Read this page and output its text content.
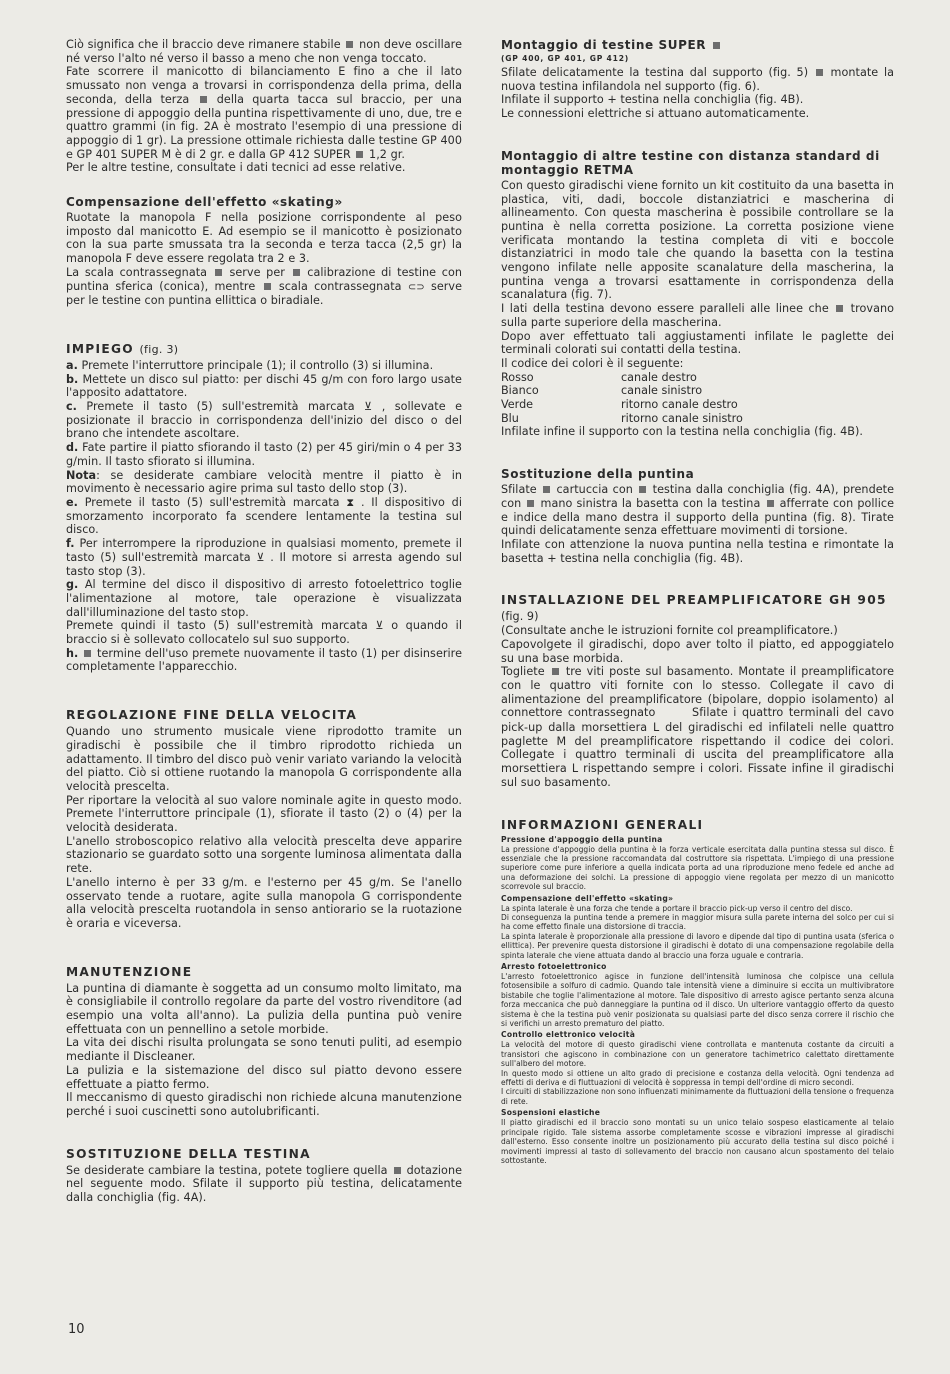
Ciò significa che il braccio deve rimanere stabile non deve oscillare né verso l'alto né verso il basso a meno che non venga toccato.

Fate scorrere il manicotto di bilanciamento E fino a che il lato smussato non venga a trovarsi in corrispondenza della prima, della seconda, della terza della quarta tacca sul braccio, per una pressione di appoggio della puntina rispettivamente di uno, due, tre e quattro grammi (in fig. 2A è mostrato l'esempio di una pressione di appoggio di 1 gr). La pressione ottimale richiesta dalle testine GP 400 e GP 401 SUPER M è di 2 gr. e dalla GP 412 SUPER 1,2 gr.

Per le altre testine, consultate i dati tecnici ad esse relative.

Compensazione dell'effetto «skating»

Ruotate la manopola F nella posizione corrispondente al peso imposto dal manicotto E. Ad esempio se il manicotto è posizionato con la sua parte smussata tra la seconda e terza tacca (2,5 gr) la manopola F deve essere regolata tra 2 e 3.

La scala contrassegnata serve per calibrazione di testine con puntina sferica (conica), mentre scala contrassegnata ⊂⊃ serve per le testine con puntina ellittica o biradiale.

IMPIEGO (fig. 3)

a. Premete l'interruttore principale (1); il controllo (3) si illumina.

b. Mettete un disco sul piatto: per dischi 45 g/m con foro largo usate l'apposito adattatore.

c. Premete il tasto (5) sull'estremità marcata ⊻ , sollevate e posizionate il braccio in corrispondenza dell'inizio del disco o del brano che intendete ascoltare.

d. Fate partire il piatto sfiorando il tasto (2) per 45 giri/min o 4 per 33 g/min. Il tasto sfiorato si illumina.

Nota: se desiderate cambiare velocità mentre il piatto è in movimento è necessario agire prima sul tasto dello stop (3).

e. Premete il tasto (5) sull'estremità marcata ⧗ . Il dispositivo di smorzamento incorporato fa scendere lentamente la testina sul disco.

f. Per interrompere la riproduzione in qualsiasi momento, premete il tasto (5) sull'estremità marcata ⊻ . Il motore si arresta agendo sul tasto stop (3).

g. Al termine del disco il dispositivo di arresto fotoelettrico toglie l'alimentazione al motore, tale operazione è visualizzata dall'illuminazione del tasto stop.

Premete quindi il tasto (5) sull'estremità marcata ⊻ o quando il braccio si è sollevato collocatelo sul suo supporto.

h. termine dell'uso premete nuovamente il tasto (1) per disinserire completamente l'apparecchio.

REGOLAZIONE FINE DELLA VELOCITA

Quando uno strumento musicale viene riprodotto tramite un giradischi è possibile che il timbro riprodotto richieda un adattamento. Il timbro del disco può venir variato variando la velocità del piatto. Ciò si ottiene ruotando la manopola G corrispondente alla velocità prescelta.

Per riportare la velocità al suo valore nominale agite in questo modo. Premete l'interruttore principale (1), sfiorate il tasto (2) o (4) per la velocità desiderata.

L'anello stroboscopico relativo alla velocità prescelta deve apparire stazionario se guardato sotto una sorgente luminosa alimentata dalla rete.

L'anello interno è per 33 g/m. e l'esterno per 45 g/m. Se l'anello osservato tende a ruotare, agite sulla manopola G corrispondente alla velocità prescelta ruotandola in senso antiorario se la ruotazione è oraria e viceversa.

MANUTENZIONE

La puntina di diamante è soggetta ad un consumo molto limitato, ma è consigliabile il controllo regolare da parte del vostro rivenditore (ad esempio una volta all'anno). La pulizia della puntina può venire effettuata con un pennellino a setole morbide.

La vita dei dischi risulta prolungata se sono tenuti puliti, ad esempio mediante il Discleaner.

La pulizia e la sistemazione del disco sul piatto devono essere effettuate a piatto fermo.

Il meccanismo di questo giradischi non richiede alcuna manutenzione perché i suoi cuscinetti sono autolubrificanti.

SOSTITUZIONE DELLA TESTINA

Se desiderate cambiare la testina, potete togliere quella dotazione nel seguente modo. Sfilate il supporto più testina, delicatamente dalla conchiglia (fig. 4A).

Montaggio di testine SUPER
(GP 400, GP 401, GP 412)

Sfilate delicatamente la testina dal supporto (fig. 5) montate la nuova testina infilandola nel supporto (fig. 6).

Infilate il supporto + testina nella conchiglia (fig. 4B).

Le connessioni elettriche si attuano automaticamente.

Montaggio di altre testine con distanza standard di montaggio RETMA

Con questo giradischi viene fornito un kit costituito da una basetta in plastica, viti, dadi, boccole distanziatrici e mascherina di allineamento. Con questa mascherina è possibile controllare se la puntina è nella corretta posizione. La corretta posizione viene verificata montando la testina completa di viti e boccole distanziatrici in modo tale che quando la basetta con la testina vengono infilate nelle apposite scanalature della mascherina, la puntina venga a trovarsi esattamente in corrispondenza della scanalatura (fig. 7).

I lati della testina devono essere paralleli alle linee che trovano sulla parte superiore della mascherina.

Dopo aver effettuato tali aggiustamenti infilate le paglette dei terminali colorati sui contatti della testina.

Il codice dei colori è il seguente:

Rosso	canale destro
Bianco	canale sinistro
Verde	ritorno canale destro
Blu	ritorno canale sinistro

Infilate infine il supporto con la testina nella conchiglia (fig. 4B).

Sostituzione della puntina

Sfilate cartuccia con testina dalla conchiglia (fig. 4A), prendete con mano sinistra la basetta con la testina afferrate con pollice e indice della mano destra il supporto della puntina (fig. 8). Tirate quindi delicatamente senza effettuare movimenti di torsione.

Infilate con attenzione la nuova puntina nella testina e rimontate la basetta + testina nella conchiglia (fig. 4B).

INSTALLAZIONE DEL PREAMPLIFICATORE GH 905

(fig. 9)

(Consultate anche le istruzioni fornite col preamplificatore.)

Capovolgete il giradischi, dopo aver tolto il piatto, ed appoggiatelo su una base morbida.

Togliete tre viti poste sul basamento. Montate il preamplificatore con le quattro viti fornite con lo stesso. Collegate il cavo di alimentazione del preamplificatore (bipolare, doppio isolamento) al connettore contrassegnato	Sfilate i quattro terminali del cavo pick-up dalla morsettiera L del giradischi ed infilateli nelle quattro paglette M del preamplificatore rispettando il codice dei colori. Collegate i quattro terminali di uscita del preamplificatore alla morsettiera L rispettando sempre i colori. Fissate infine il giradischi sul suo basamento.

INFORMAZIONI GENERALI
Pressione d'appoggio della puntina

La pressione d'appoggio della puntina è la forza verticale esercitata dalla puntina stessa sul disco. È essenziale che la pressione raccomandata dal costruttore sia rispettata. L'impiego di una pressione superiore come pure inferiore a quella indicata porta ad una riproduzione meno fedele ed anche ad una deformazione dei solchi. La pressione di appoggio viene regolata per mezzo di un manicotto scorrevole sul braccio.

Compensazione dell'effetto «skating»

La spinta laterale è una forza che tende a portare il braccio pick-up verso il centro del disco.
Di conseguenza la puntina tende a premere in maggior misura sulla parete interna del solco per cui si ha come effetto finale una distorsione di traccia.
La spinta laterale è proporzionale alla pressione di lavoro e dipende dal tipo di puntina usata (sferica o ellittica). Per prevenire questa distorsione il giradischi è dotato di una compensazione regolabile della spinta laterale che viene attuata dando al braccio una forza uguale e contraria.

Arresto fotoelettronico

L'arresto fotoelettronico agisce in funzione dell'intensità luminosa che colpisce una cellula fotosensibile a solfuro di cadmio. Quando tale intensità viene a diminuire si eccita un multivibratore bistabile che toglie l'alimentazione al motore. Tale dispositivo di arresto agisce pertanto senza alcuna forza meccanica che può danneggiare la puntina od il disco. Un ulteriore vantaggio offerto da questo sistema è che la testina può venir posizionata su qualsiasi parte del disco senza correre il rischio che si verifichi un arresto prematuro del piatto.

Controllo elettronico velocità

La velocità del motore di questo giradischi viene controllata e mantenuta costante da circuiti a transistori che agiscono in combinazione con un generatore tachimetrico calettato direttamente sull'albero del motore.
In questo modo si ottiene un alto grado di precisione e costanza della velocità. Ogni tendenza ad effetti di deriva e di fluttuazioni di velocità è soppressa in tempi dell'ordine di micro secondi.
I circuiti di stabilizzazione non sono influenzati minimamente da fluttuazioni della tensione o frequenza di rete.

Sospensioni elastiche

Il piatto giradischi ed il braccio sono montati su un unico telaio sospeso elasticamente al telaio principale rigido. Tale sistema assorbe completamente scosse e vibrazioni impresse al giradischi dall'esterno. Esso consente inoltre un posizionamento più accurato della testina sul disco poiché i movimenti impressi al tasto di sollevamento del braccio non causano alcun spostamento del telaio sottostante.

10
